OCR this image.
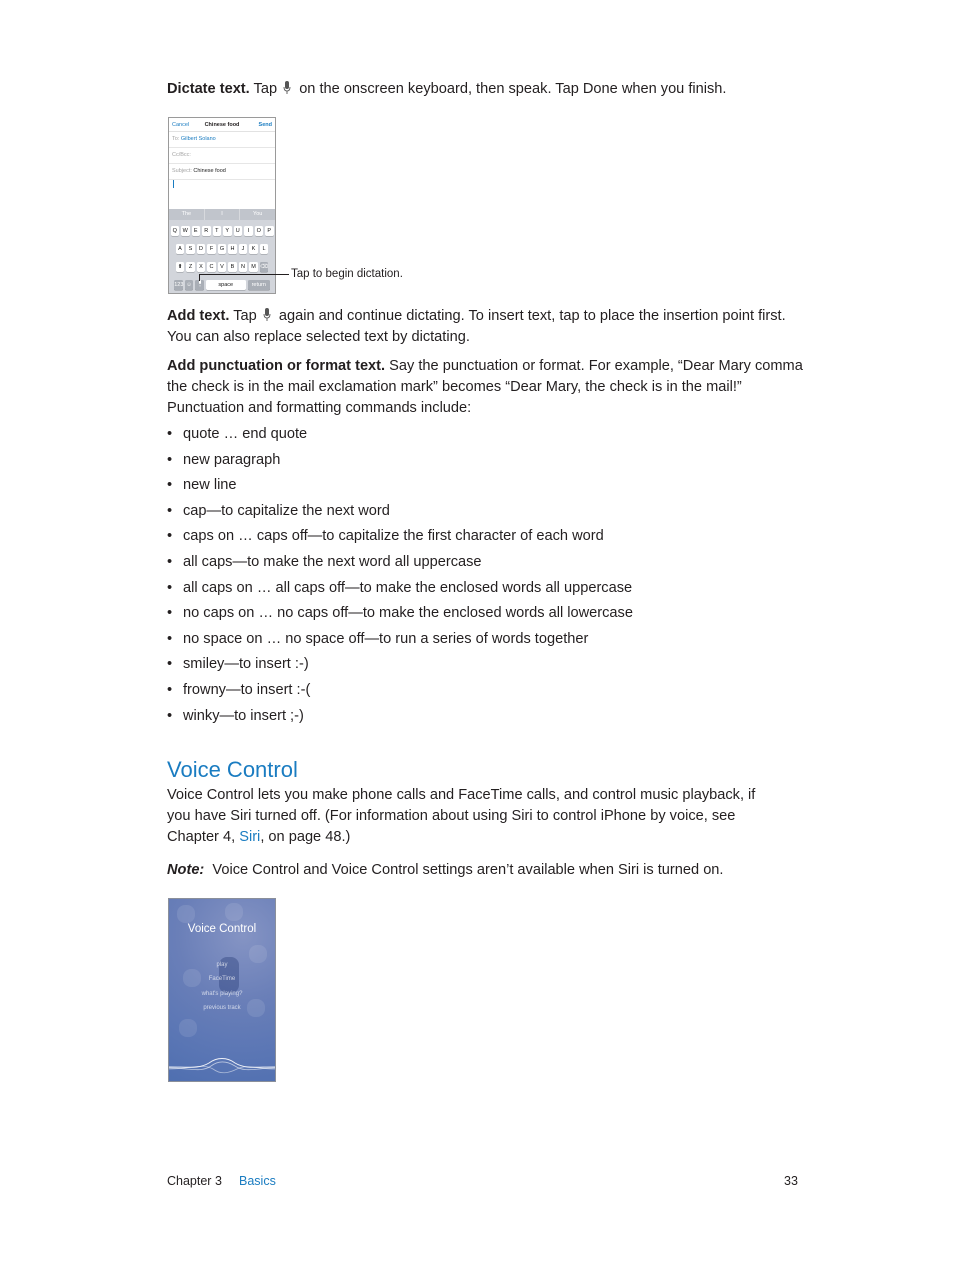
Dictate text. Tap on the onscreen keyboard, then speak. Tap Done when you finish.

Cancel	Chinese food	Send
To: Gilbert Solano
Cc/Bcc:
Subject: Chinese food
The	I	You
Q	W	E	R	T	Y	U	I	O	P
A	S	D	F	G	H	J	K	L
⬆	Z	X	C	V	B	N	M ⌫
123 ☺	space	return
Tap to begin dictation.

Add text. Tap again and continue dictating. To insert text, tap to place the insertion point first. You can also replace selected text by dictating.

Add punctuation or format text. Say the punctuation or format. For example, “Dear Mary comma the check is in the mail exclamation mark” becomes “Dear Mary, the check is in the mail!” Punctuation and formatting commands include:

• quote … end quote
• new paragraph
• new line
• cap—to capitalize the next word
• caps on … caps off—to capitalize the first character of each word
• all caps—to make the next word all uppercase
• all caps on … all caps off—to make the enclosed words all uppercase
• no caps on … no caps off—to make the enclosed words all lowercase
• no space on … no space off—to run a series of words together
• smiley—to insert :-)
• frowny—to insert :-(
• winky—to insert ;-)
Voice Control

Voice Control lets you make phone calls and FaceTime calls, and control music playback, if you have Siri turned off. (For information about using Siri to control iPhone by voice, see Chapter 4, Siri, on page 48.)

Note: Voice Control and Voice Control settings aren’t available when Siri is turned on.

Voice Control
play
FaceTime
what's playing?
previous track
Chapter 3 Basics	33
